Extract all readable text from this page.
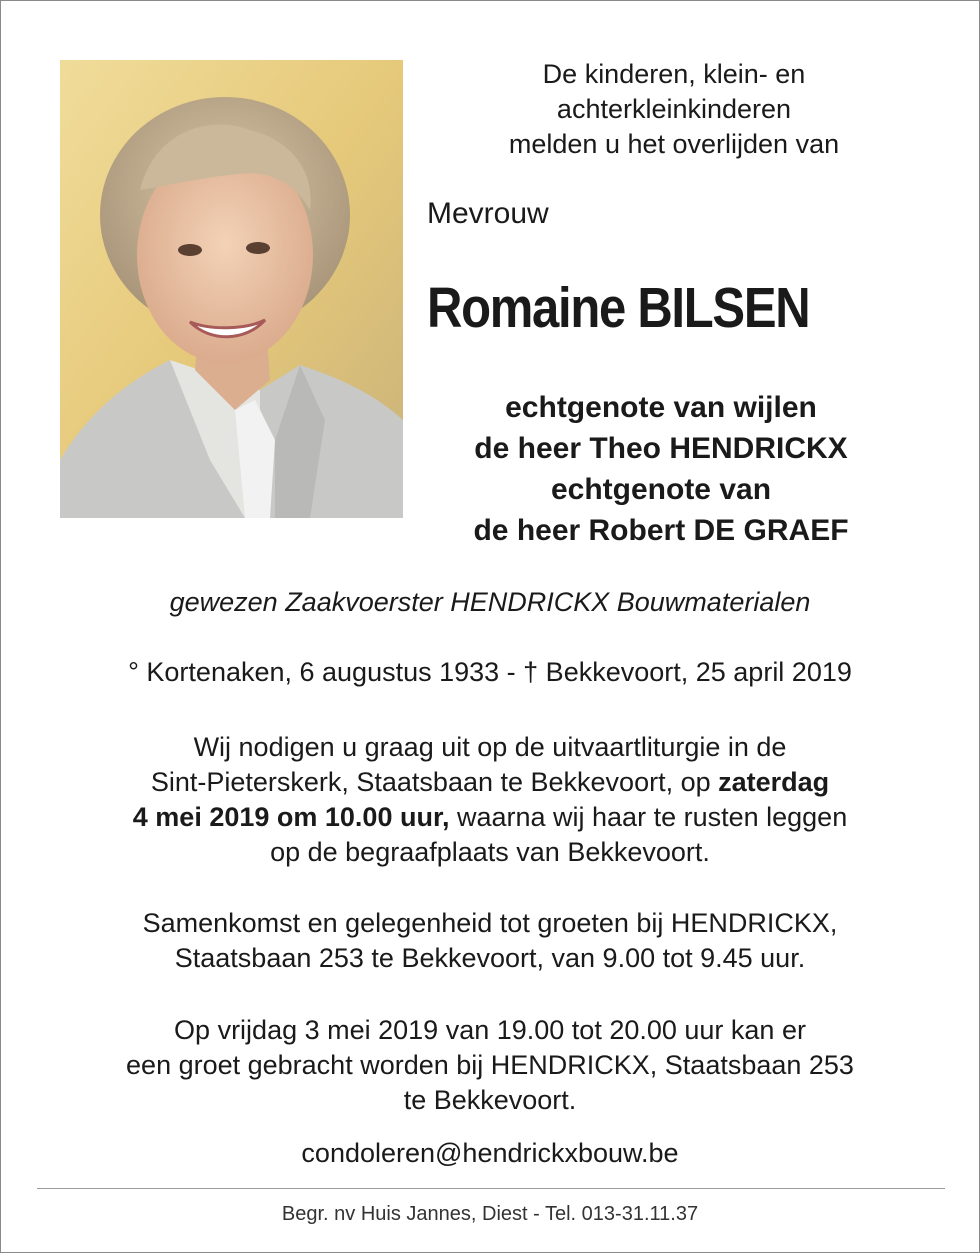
De kinderen, klein- en
achterkleinkinderen
melden u het overlijden van
Mevrouw
Romaine BILSEN
echtgenote van wijlen
de heer Theo HENDRICKX
echtgenote van
de heer Robert DE GRAEF
gewezen Zaakvoerster HENDRICKX Bouwmaterialen
° Kortenaken, 6 augustus 1933 - † Bekkevoort, 25 april 2019
Wij nodigen u graag uit op de uitvaartliturgie in de
Sint-Pieterskerk, Staatsbaan te Bekkevoort, op zaterdag
4 mei 2019 om 10.00 uur, waarna wij haar te rusten leggen
op de begraafplaats van Bekkevoort.
Samenkomst en gelegenheid tot groeten bij HENDRICKX,
Staatsbaan 253 te Bekkevoort, van 9.00 tot 9.45 uur.
Op vrijdag 3 mei 2019 van 19.00 tot 20.00 uur kan er
een groet gebracht worden bij HENDRICKX, Staatsbaan 253
te Bekkevoort.
condoleren@hendrickxbouw.be
Begr. nv Huis Jannes, Diest - Tel. 013-31.11.37
